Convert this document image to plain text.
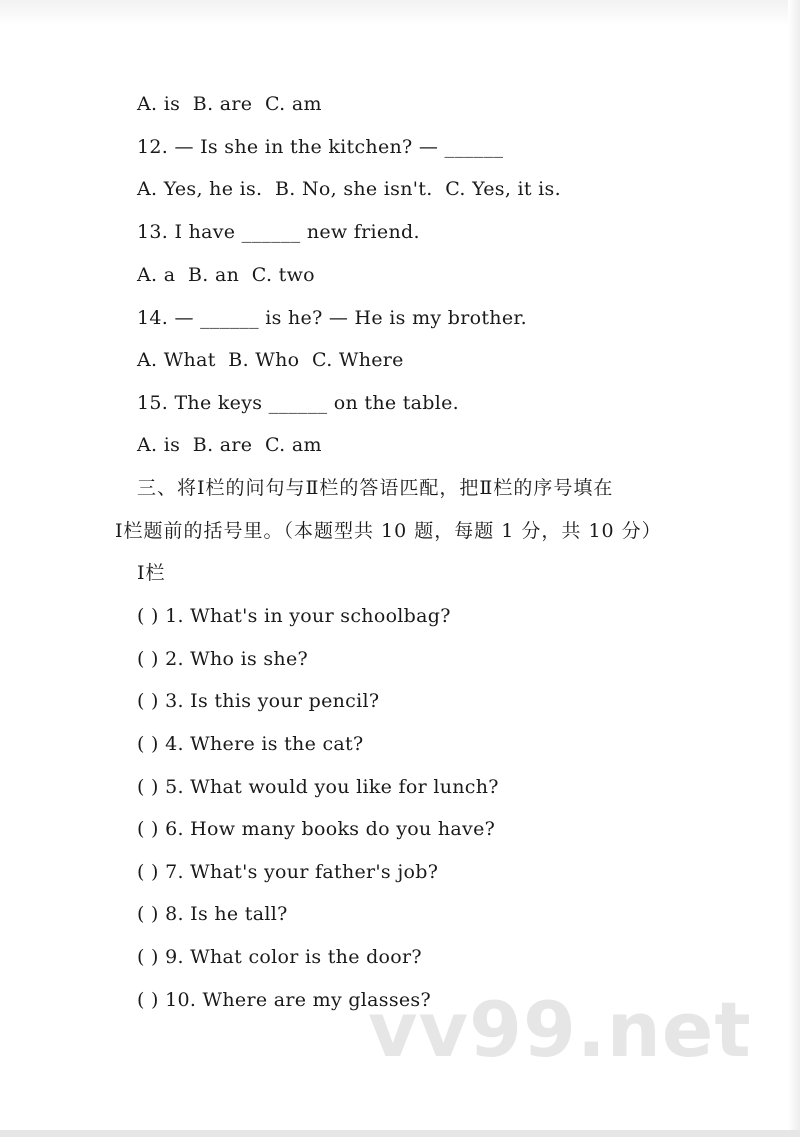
A. is  B. are  C. am
12. — Is she in the kitchen? — ______
A. Yes, he is.  B. No, she isn't.  C. Yes, it is.
13. I have ______ new friend.
A. a  B. an  C. two
14. — ______ is he? — He is my brother.
A. What  B. Who  C. Where
15. The keys ______ on the table.
A. is  B. are  C. am
三、将Ⅰ栏的问句与Ⅱ栏的答语匹配，把Ⅱ栏的序号填在
Ⅰ栏题前的括号里。（本题型共 10 题，每题 1 分，共 10 分）
Ⅰ栏
( ) 1. What's in your schoolbag?
( ) 2. Who is she?
( ) 3. Is this your pencil?
( ) 4. Where is the cat?
( ) 5. What would you like for lunch?
( ) 6. How many books do you have?
( ) 7. What's your father's job?
( ) 8. Is he tall?
( ) 9. What color is the door?
( ) 10. Where are my glasses?
vv99.net
